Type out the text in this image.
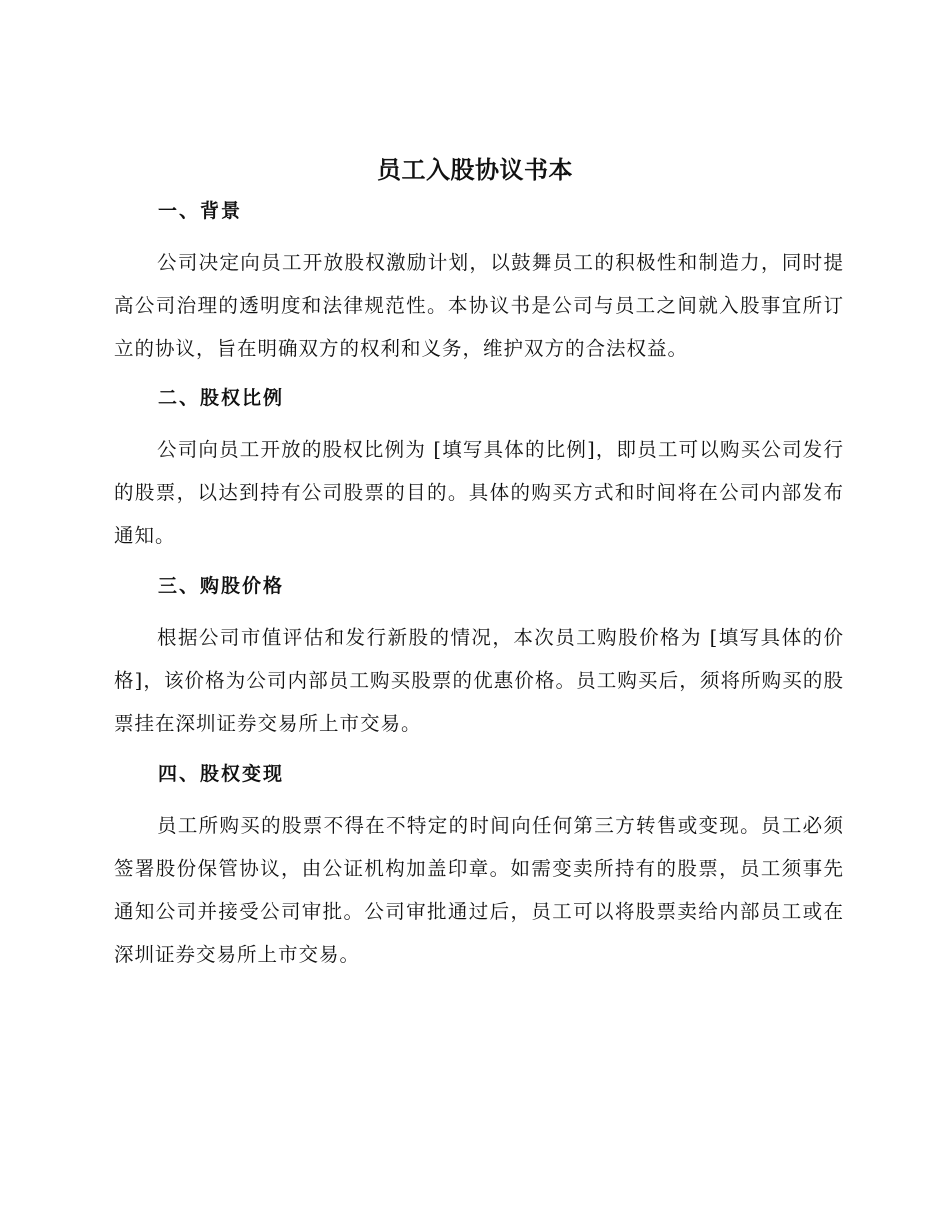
员工入股协议书本
一、背景

公司决定向员工开放股权激励计划，以鼓舞员工的积极性和制造力，同时提高公司治理的透明度和法律规范性。本协议书是公司与员工之间就入股事宜所订立的协议，旨在明确双方的权利和义务，维护双方的合法权益。

二、股权比例

公司向员工开放的股权比例为 [填写具体的比例]，即员工可以购买公司发行的股票，以达到持有公司股票的目的。具体的购买方式和时间将在公司内部发布通知。

三、购股价格

根据公司市值评估和发行新股的情况，本次员工购股价格为 [填写具体的价格]，该价格为公司内部员工购买股票的优惠价格。员工购买后，须将所购买的股票挂在深圳证券交易所上市交易。

四、股权变现

员工所购买的股票不得在不特定的时间向任何第三方转售或变现。员工必须签署股份保管协议，由公证机构加盖印章。如需变卖所持有的股票，员工须事先通知公司并接受公司审批。公司审批通过后，员工可以将股票卖给内部员工或在深圳证券交易所上市交易。
